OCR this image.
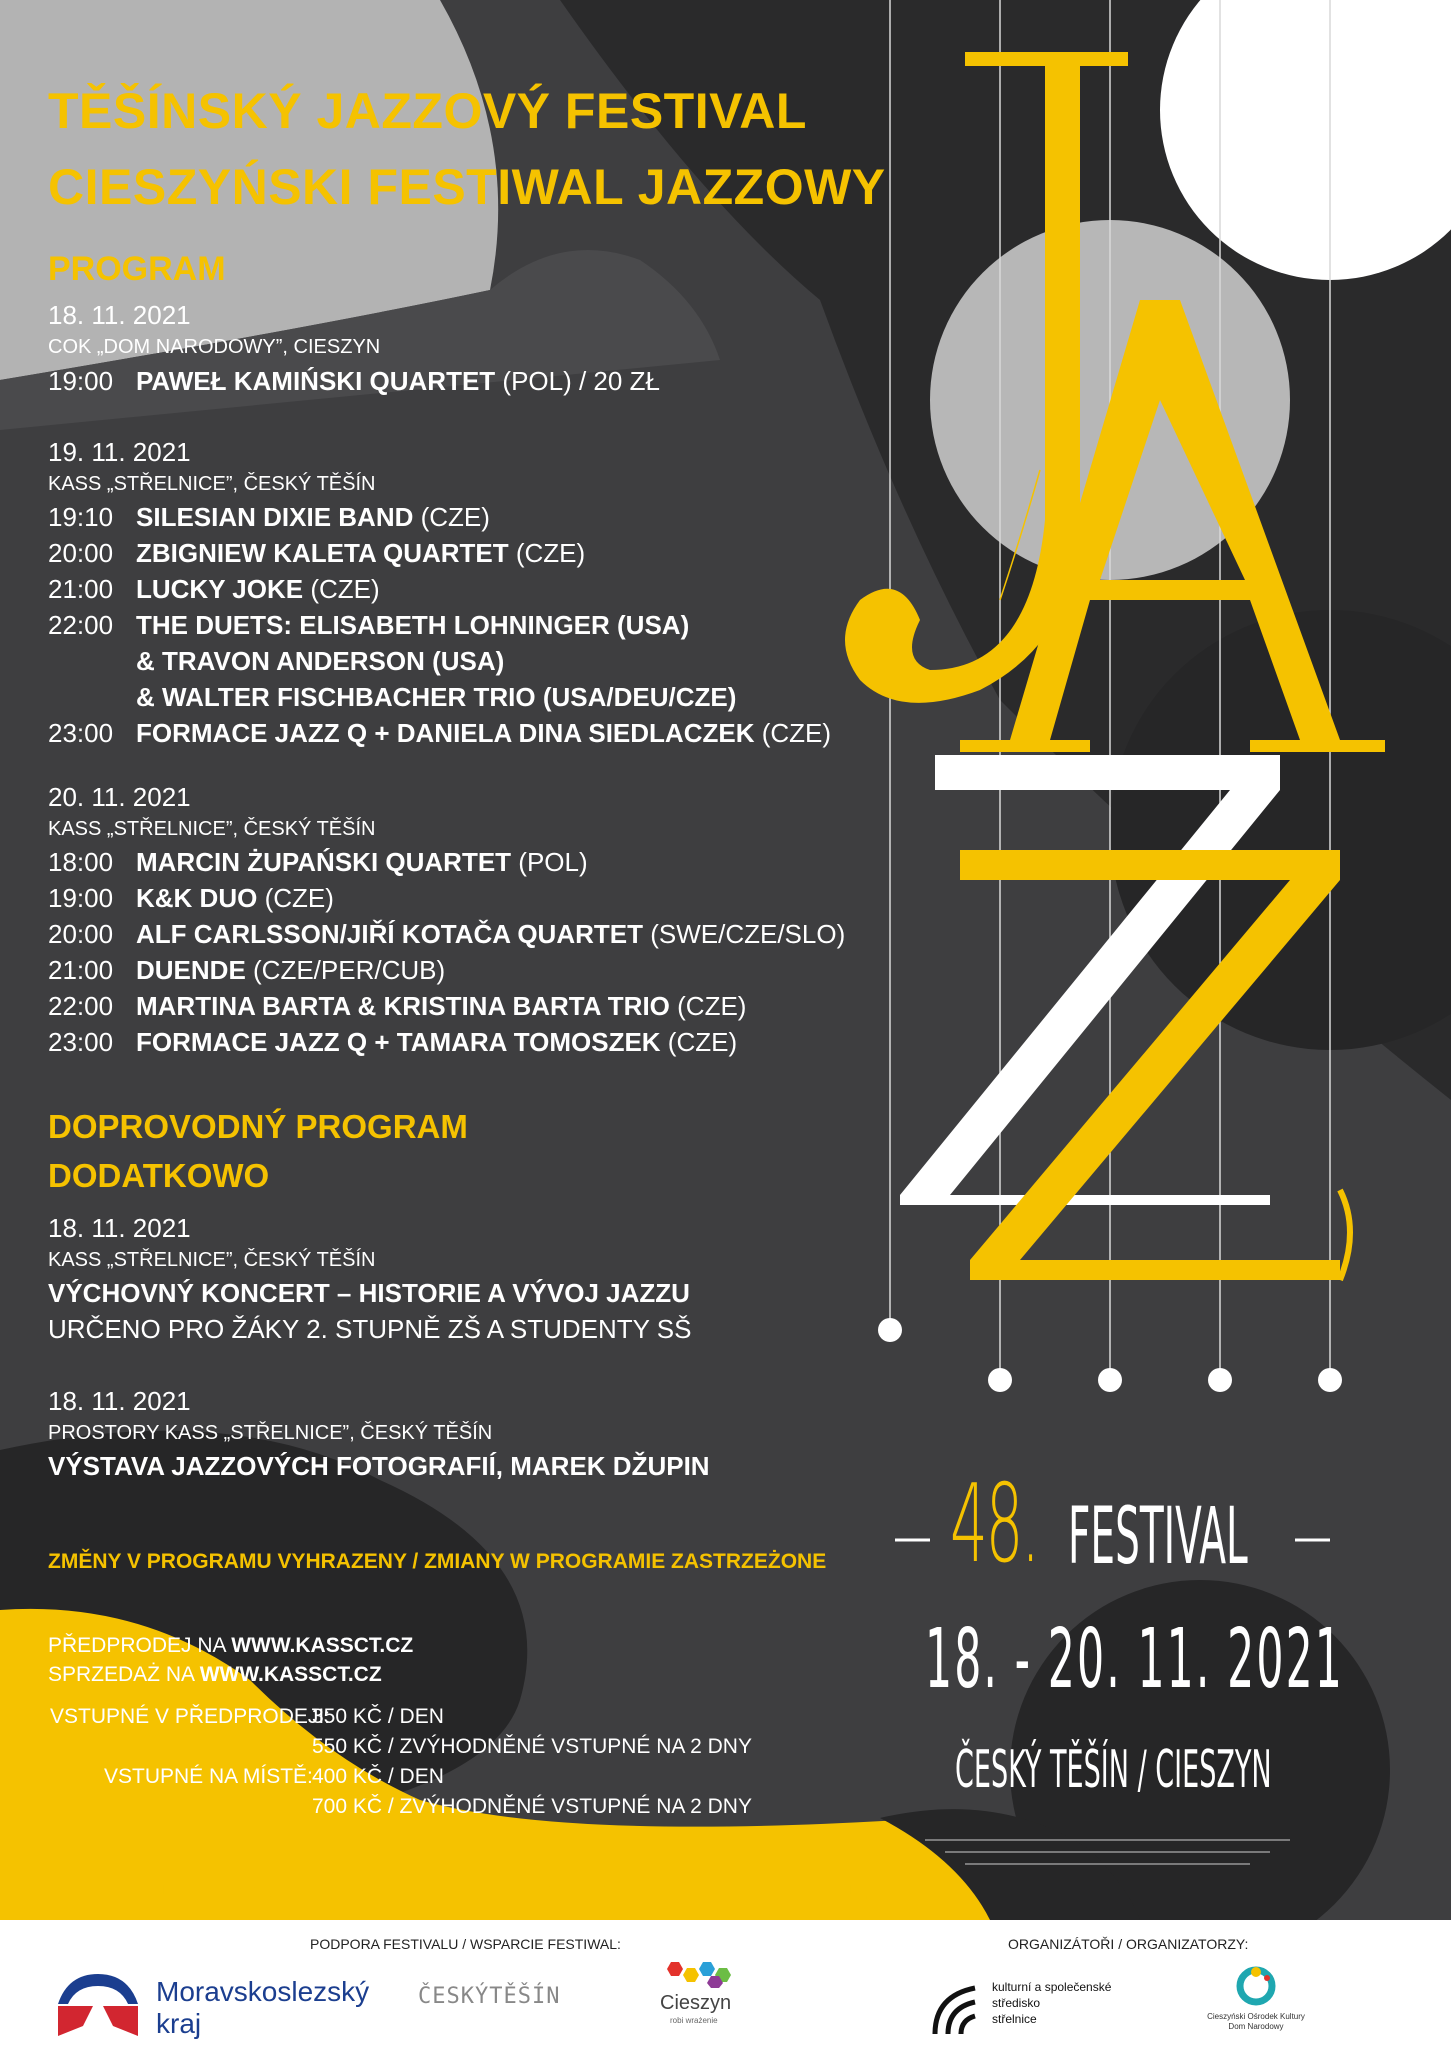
TĚŠÍNSKÝ JAZZOVÝ FESTIVAL
CIESZYŃSKI FESTIWAL JAZZOWY
PROGRAM
18. 11. 2021
COK „DOM NARODOWY”, CIESZYN
19:00 PAWEŁ KAMIŃSKI QUARTET (POL) / 20 ZŁ
19. 11. 2021
KASS „STŘELNICE”, ČESKÝ TĚŠÍN
19:10 SILESIAN DIXIE BAND (CZE)
20:00 ZBIGNIEW KALETA QUARTET (CZE)
21:00 LUCKY JOKE (CZE)
22:00 THE DUETS: ELISABETH LOHNINGER (USA)
& TRAVON ANDERSON (USA)
& WALTER FISCHBACHER TRIO (USA/DEU/CZE)
23:00 FORMACE JAZZ Q + DANIELA DINA SIEDLACZEK (CZE)
20. 11. 2021
KASS „STŘELNICE”, ČESKÝ TĚŠÍN
18:00 MARCIN ŻUPAŃSKI QUARTET (POL)
19:00 K&K DUO (CZE)
20:00 ALF CARLSSON/JIŘÍ KOTAČA QUARTET (SWE/CZE/SLO)
21:00 DUENDE (CZE/PER/CUB)
22:00 MARTINA BARTA & KRISTINA BARTA TRIO (CZE)
23:00 FORMACE JAZZ Q + TAMARA TOMOSZEK (CZE)
DOPROVODNÝ PROGRAM
DODATKOWO
18. 11. 2021
KASS „STŘELNICE”, ČESKÝ TĚŠÍN
VÝCHOVNÝ KONCERT – HISTORIE A VÝVOJ JAZZU
URČENO PRO ŽÁKY 2. STUPNĚ ZŠ A STUDENTY SŠ
18. 11. 2021
PROSTORY KASS „STŘELNICE”, ČESKÝ TĚŠÍN
VÝSTAVA JAZZOVÝCH FOTOGRAFIÍ, MAREK DŽUPIN
ZMĚNY V PROGRAMU VYHRAZENY / ZMIANY W PROGRAMIE ZASTRZEŻONE
PŘEDPRODEJ NA WWW.KASSCT.CZ
SPRZEDAŻ NA WWW.KASSCT.CZ
VSTUPNÉ V PŘEDPRODEJI:
350 KČ / DEN
550 KČ / ZVÝHODNĚNÉ VSTUPNÉ NA 2 DNY
VSTUPNÉ NA MÍSTĚ: 400 KČ / DEN
700 KČ / ZVÝHODNĚNÉ VSTUPNÉ NA 2 DNY
FESTIVAL JE PODPOŘEN DOTACÍ Z ROZPOČTU MORAVSKOSLEZSKÉHO KRAJE.
48. FESTIVAL
18. - 20. 11. 2021
ČESKÝ TĚŠÍN / CIESZYN
PODPORA FESTIVALU / WSPARCIE FESTIWAL:	ORGANIZÁTOŘI / ORGANIZATORZY:
Moravskoslezský
kraj
ČESKÝTĚŠÍN	Cieszyn
robi wrażenie
kulturní a společenské
středisko
střelnice	Cieszyński Ośrodek Kultury
Dom Narodowy
